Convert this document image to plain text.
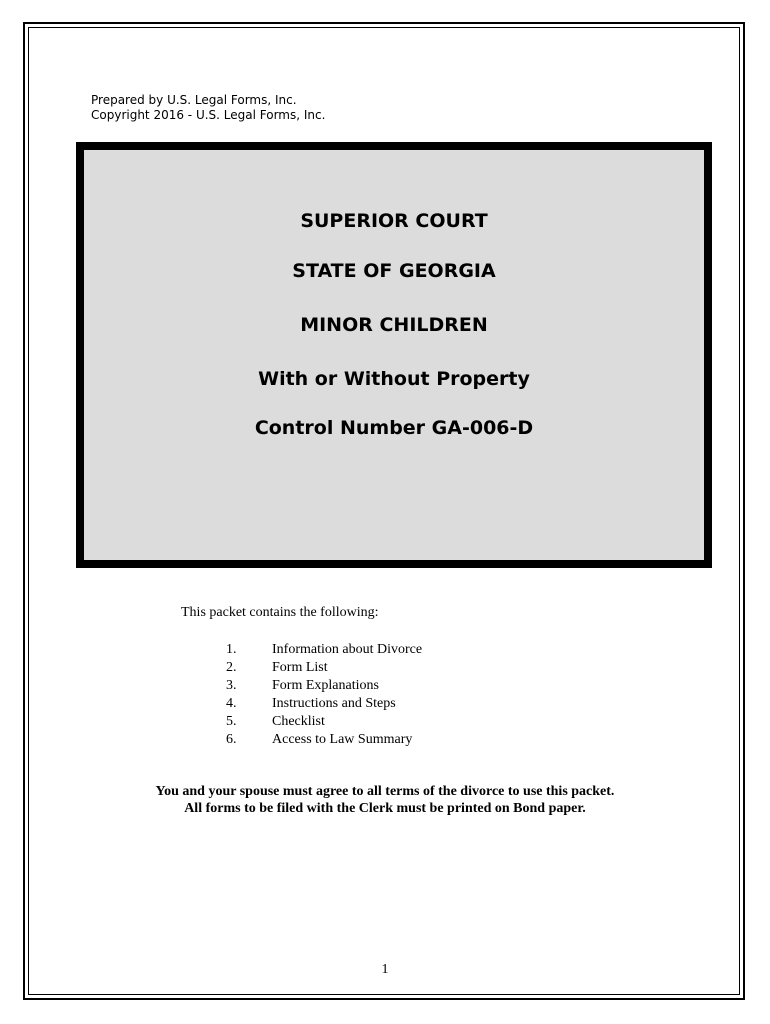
Prepared by U.S. Legal Forms, Inc.
Copyright 2016 - U.S. Legal Forms, Inc.
SUPERIOR COURT
STATE OF GEORGIA
MINOR CHILDREN
With or Without Property
Control Number GA-006-D
This packet contains the following:
1.	Information about Divorce
2.	Form List
3.	Form Explanations
4.	Instructions and Steps
5.	Checklist
6.	Access to Law Summary
You and your spouse must agree to all terms of the divorce to use this packet.
All forms to be filed with the Clerk must be printed on Bond paper.
1
